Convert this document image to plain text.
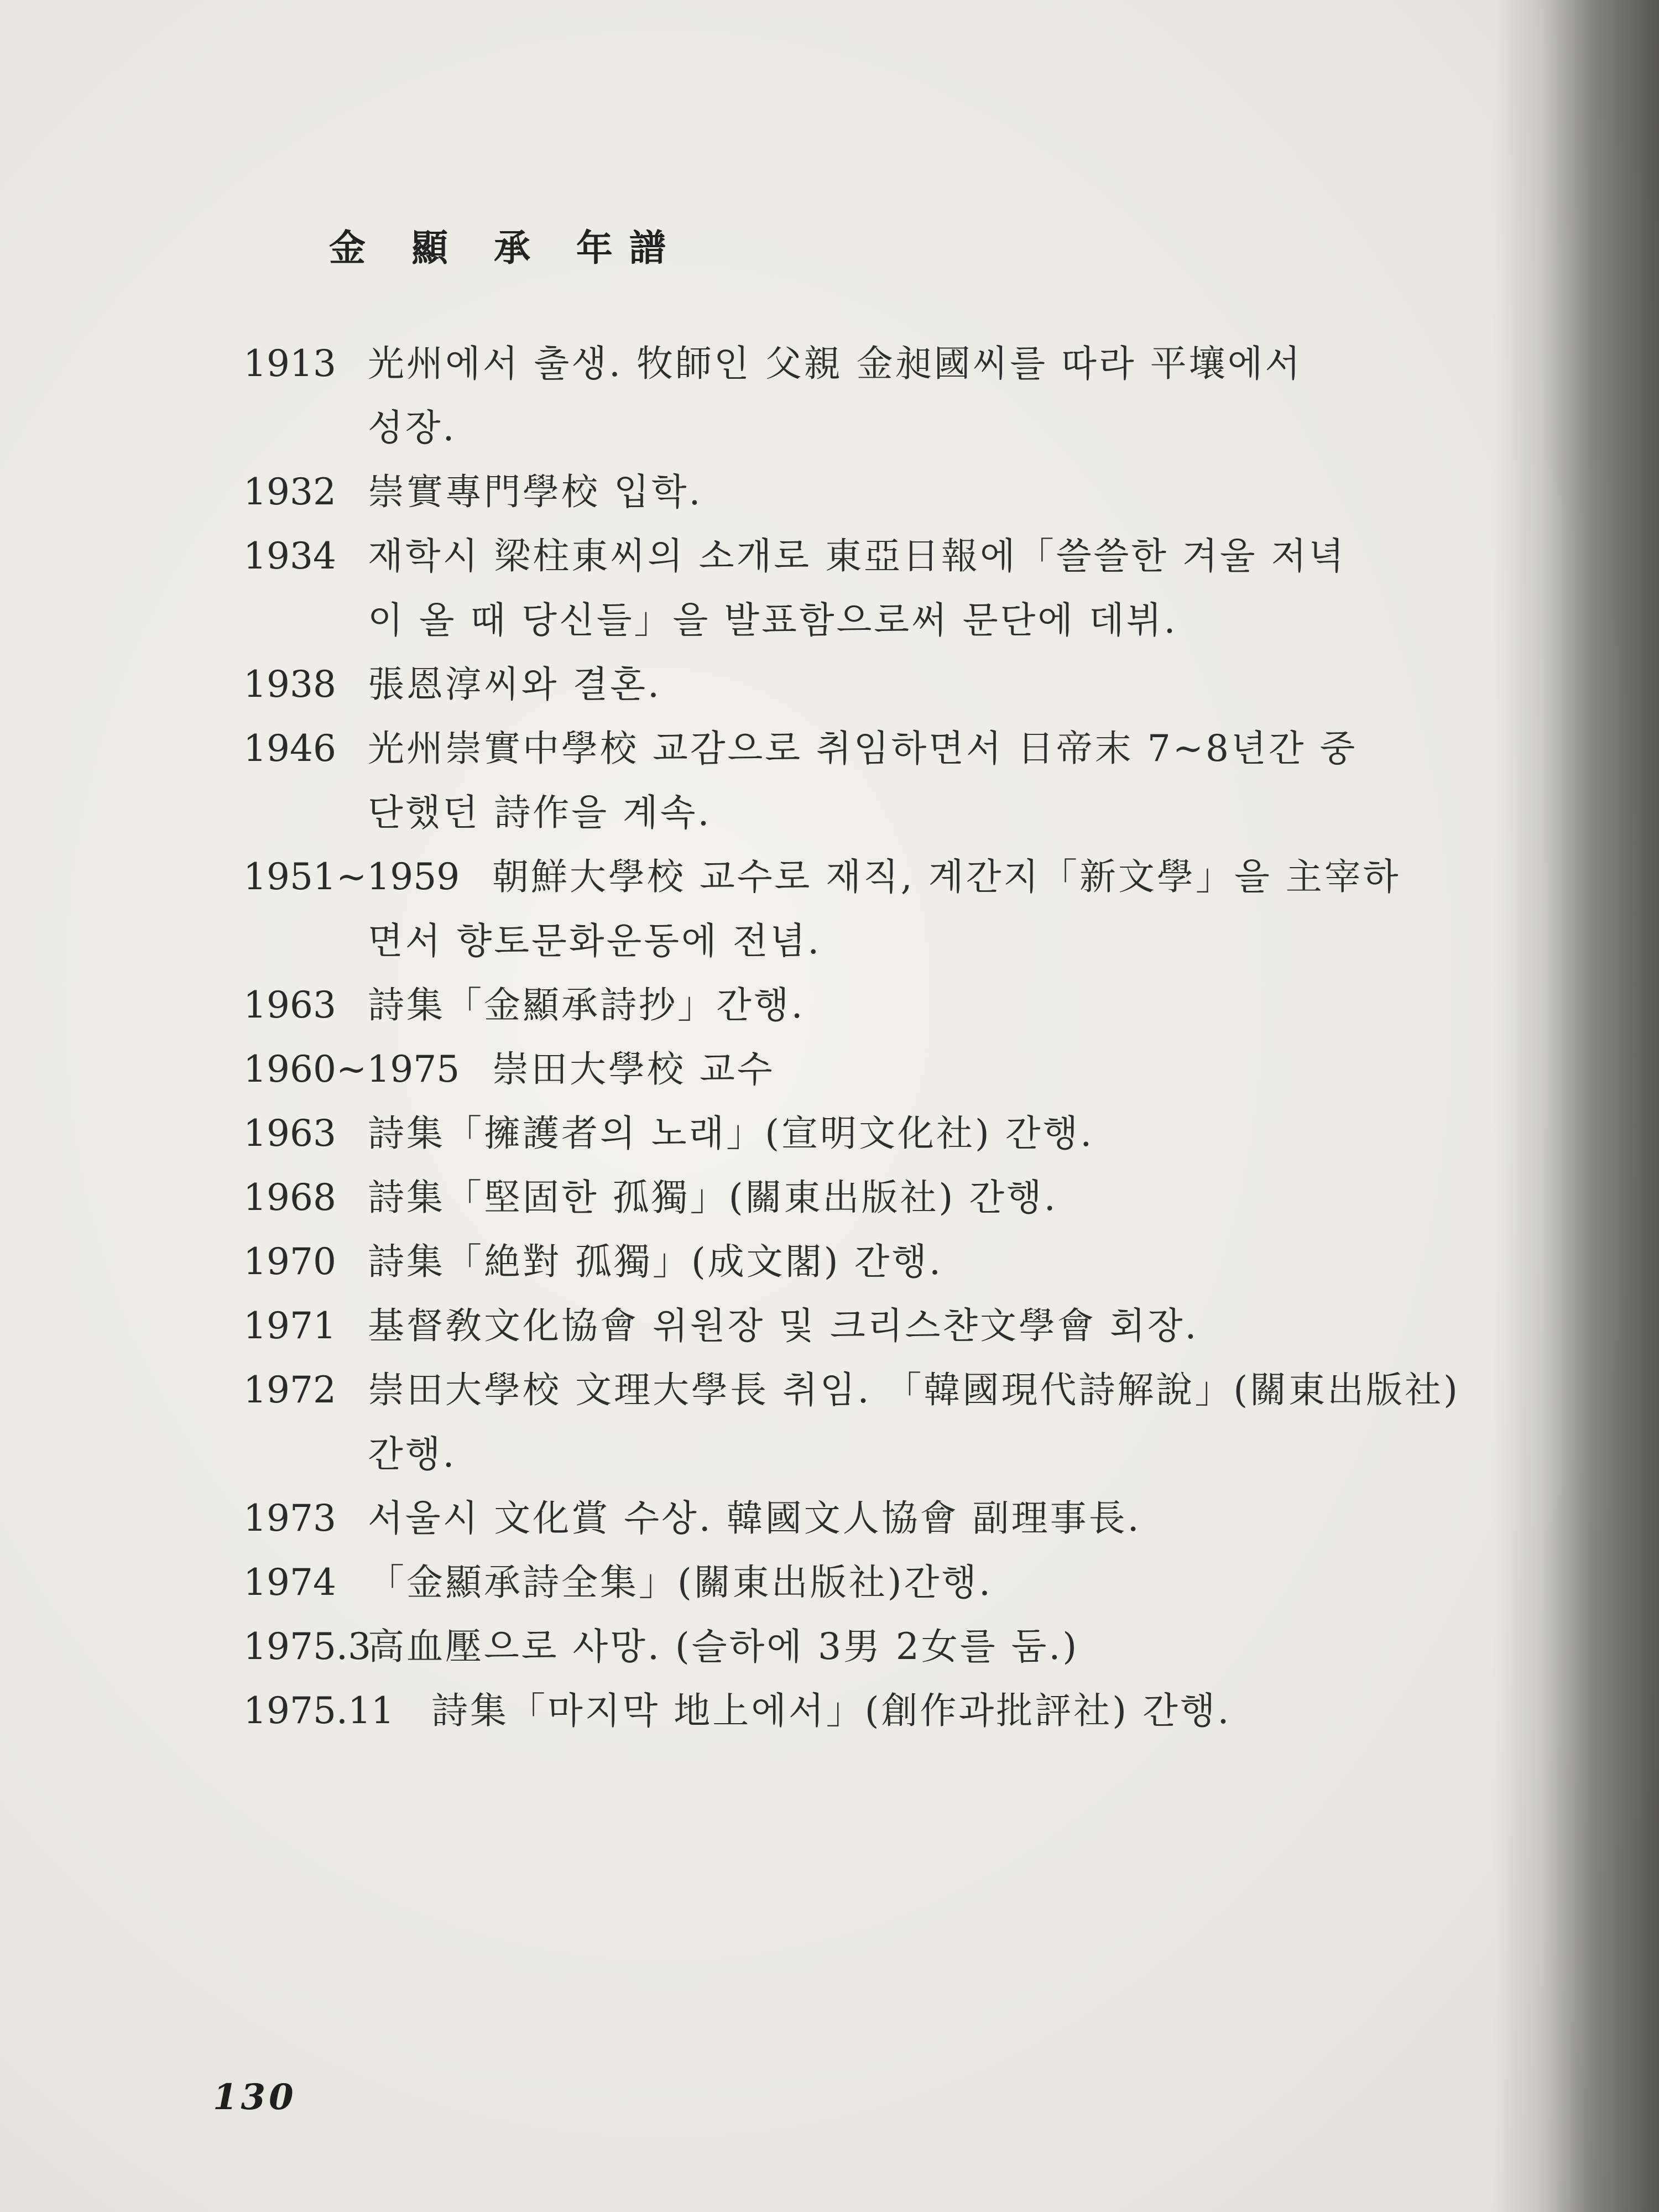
金 顯 承 年譜
1913 光州에서 출생. 牧師인 父親 金昶國씨를 따라 平壤에서
성장.
1932 崇實專門學校 입학.
1934 재학시 梁柱東씨의 소개로 東亞日報에「쓸쓸한 겨울 저녁
이 올 때 당신들」을 발표함으로써 문단에 데뷔.
1938 張恩淳씨와 결혼.
1946 光州崇實中學校 교감으로 취임하면서 日帝末 7~8년간 중
단했던 詩作을 계속.
1951~1959 朝鮮大學校 교수로 재직, 계간지「新文學」을 主宰하
면서 향토문화운동에 전념.
1963 詩集「金顯承詩抄」간행.
1960~1975 崇田大學校 교수
1963 詩集「擁護者의 노래」(宣明文化社) 간행.
1968 詩集「堅固한 孤獨」(關東出版社) 간행.
1970 詩集「絶對 孤獨」(成文閣) 간행.
1971 基督敎文化協會 위원장 및 크리스챤文學會 회장.
1972 崇田大學校 文理大學長 취임. 「韓國現代詩解說」(關東出版社)
간행.
1973 서울시 文化賞 수상. 韓國文人協會 副理事長.
1974 「金顯承詩全集」(關東出版社)간행.
1975.3高血壓으로 사망. (슬하에 3男 2女를 둠.)
1975.11 詩集「마지막 地上에서」(創作과批評社) 간행.
130
